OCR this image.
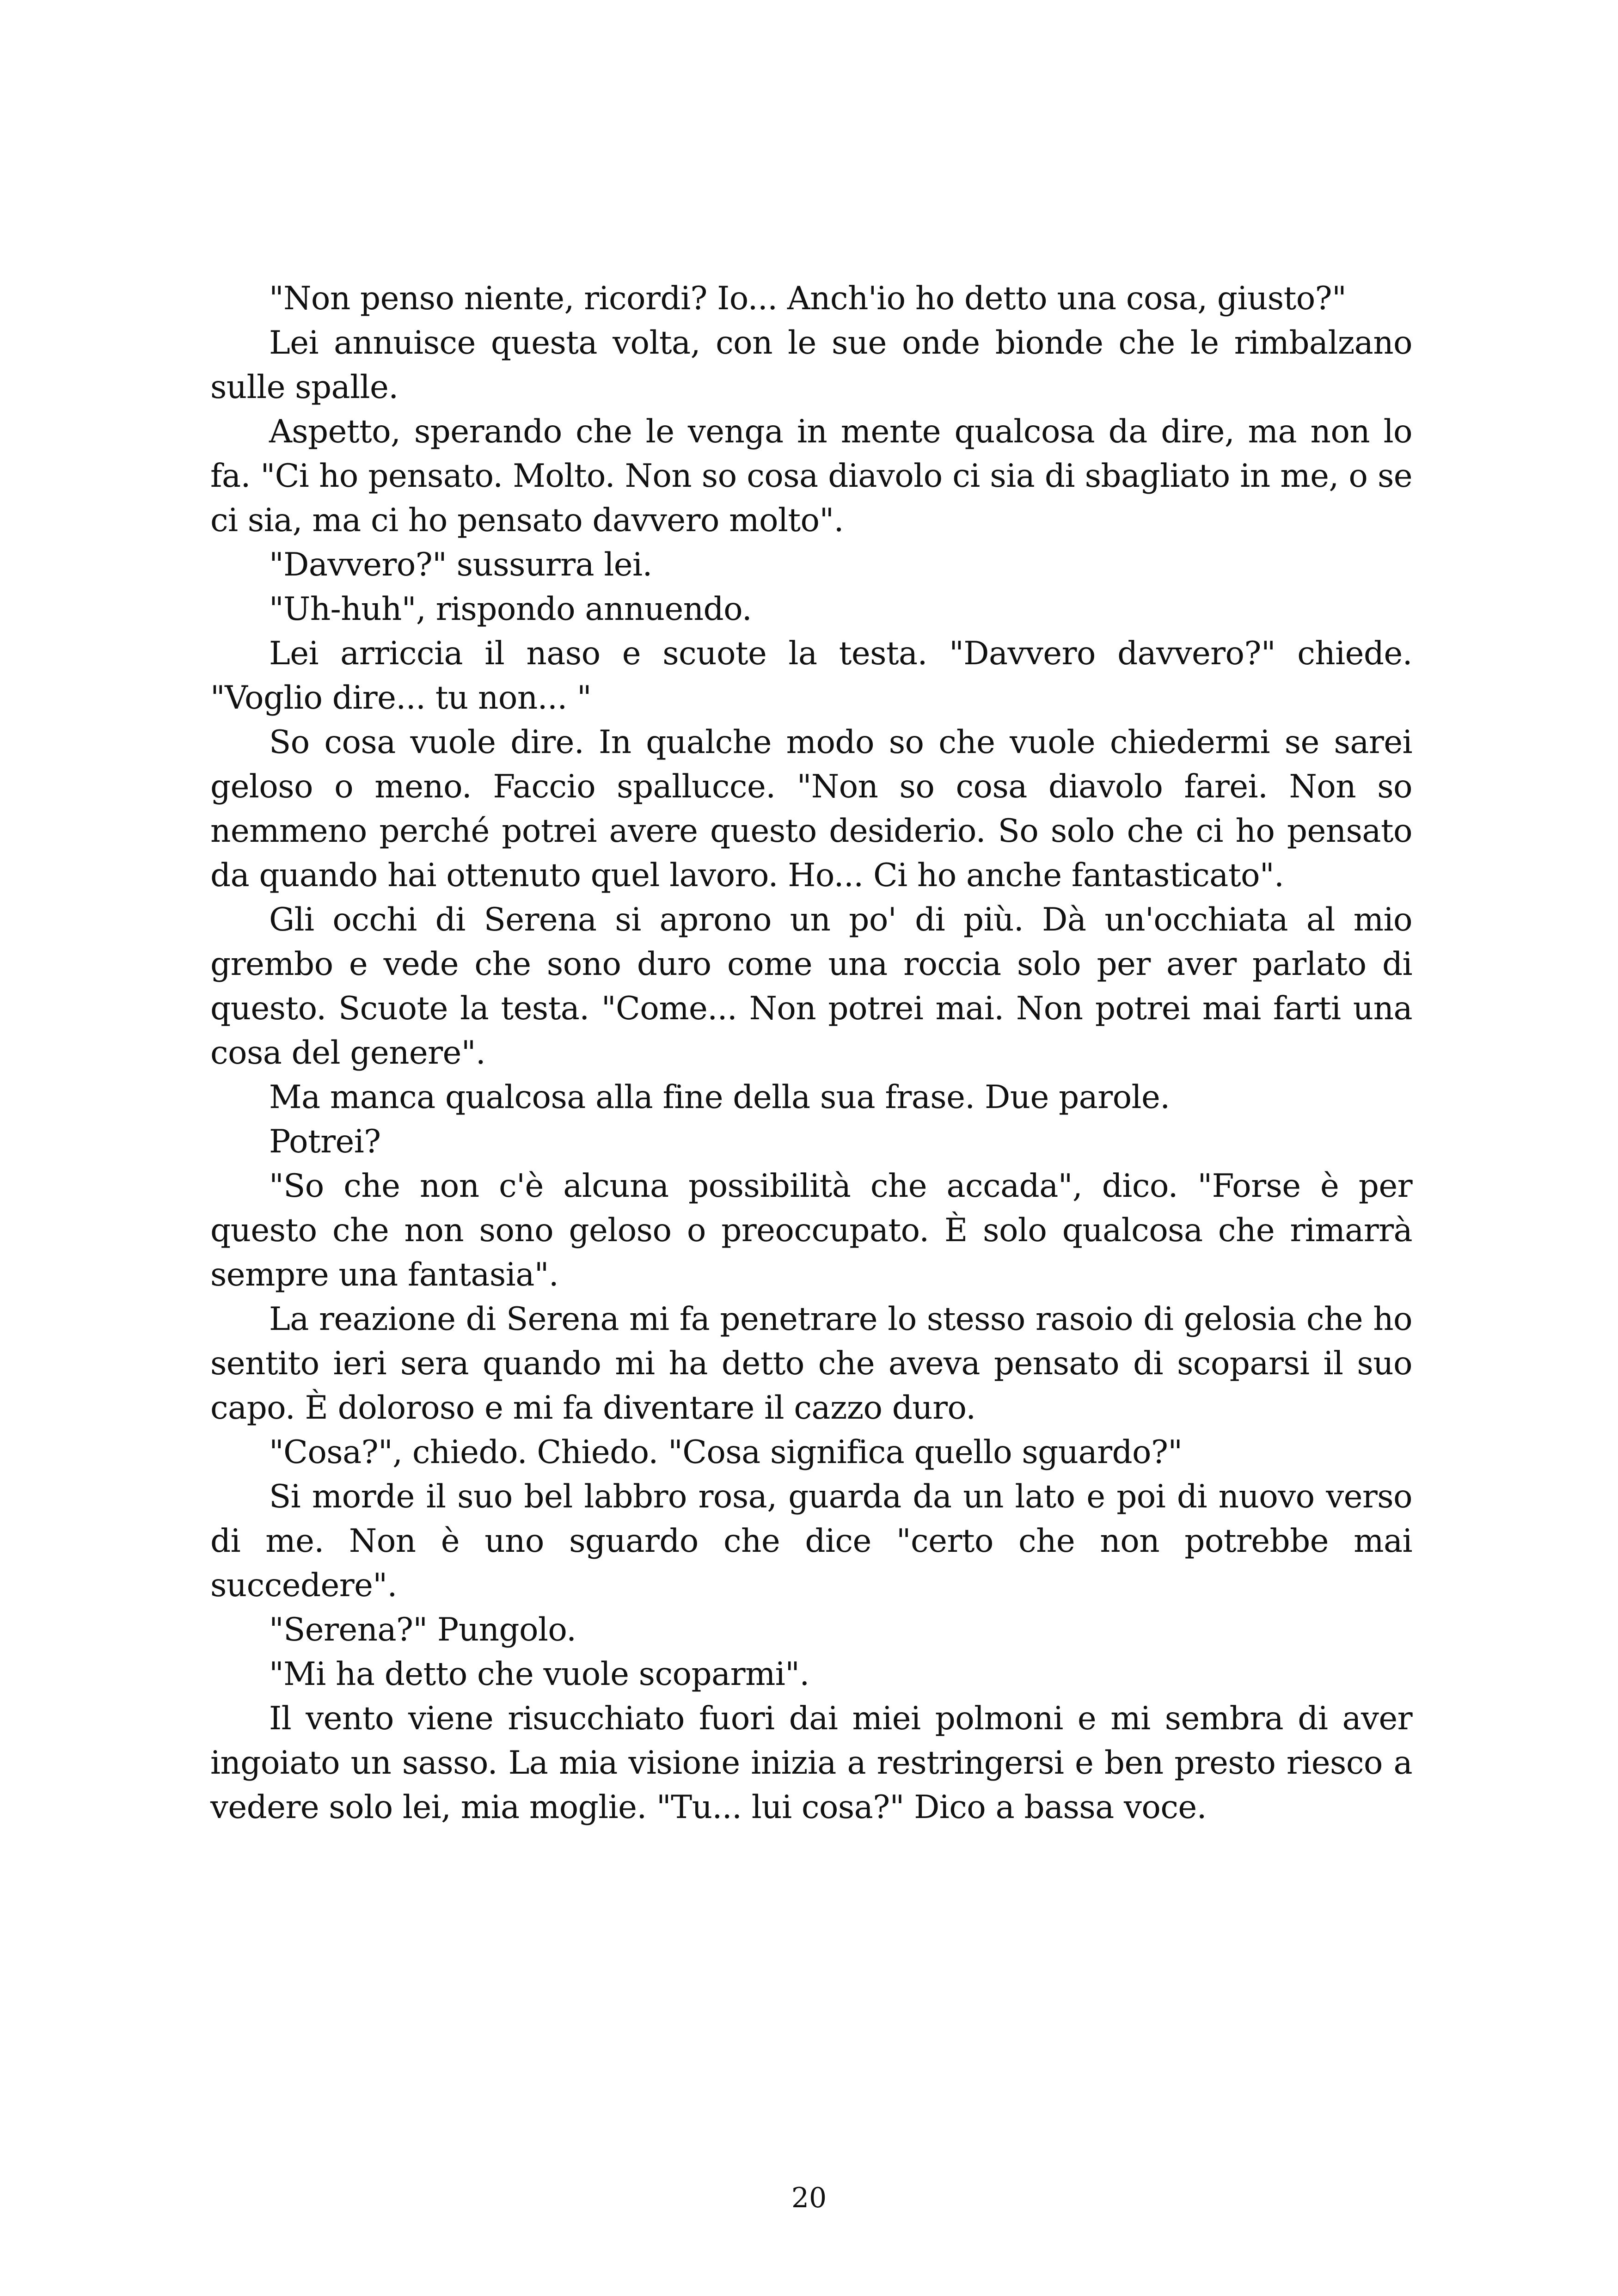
"Non penso niente, ricordi? Io... Anch'io ho detto una cosa, giusto?"

Lei annuisce questa volta, con le sue onde bionde che le rimbalzano sulle spalle.

Aspetto, sperando che le venga in mente qualcosa da dire, ma non lo fa. "Ci ho pensato. Molto. Non so cosa diavolo ci sia di sbagliato in me, o se ci sia, ma ci ho pensato davvero molto".

"Davvero?" sussurra lei.

"Uh-huh", rispondo annuendo.

Lei arriccia il naso e scuote la testa. "Davvero davvero?" chiede. "Voglio dire... tu non... "

So cosa vuole dire. In qualche modo so che vuole chiedermi se sarei geloso o meno. Faccio spallucce. "Non so cosa diavolo farei. Non so nemmeno perché potrei avere questo desiderio. So solo che ci ho pensato da quando hai ottenuto quel lavoro. Ho... Ci ho anche fantasticato".

Gli occhi di Serena si aprono un po' di più. Dà un'occhiata al mio grembo e vede che sono duro come una roccia solo per aver parlato di questo. Scuote la testa. "Come... Non potrei mai. Non potrei mai farti una cosa del genere".

Ma manca qualcosa alla fine della sua frase. Due parole.

Potrei?

"So che non c'è alcuna possibilità che accada", dico. "Forse è per questo che non sono geloso o preoccupato. È solo qualcosa che rimarrà sempre una fantasia".

La reazione di Serena mi fa penetrare lo stesso rasoio di gelosia che ho sentito ieri sera quando mi ha detto che aveva pensato di scoparsi il suo capo. È doloroso e mi fa diventare il cazzo duro.

"Cosa?", chiedo. Chiedo. "Cosa significa quello sguardo?"

Si morde il suo bel labbro rosa, guarda da un lato e poi di nuovo verso di me. Non è uno sguardo che dice "certo che non potrebbe mai succedere".

"Serena?" Pungolo.

"Mi ha detto che vuole scoparmi".

Il vento viene risucchiato fuori dai miei polmoni e mi sembra di aver ingoiato un sasso. La mia visione inizia a restringersi e ben presto riesco a vedere solo lei, mia moglie. "Tu... lui cosa?" Dico a bassa voce.

20
